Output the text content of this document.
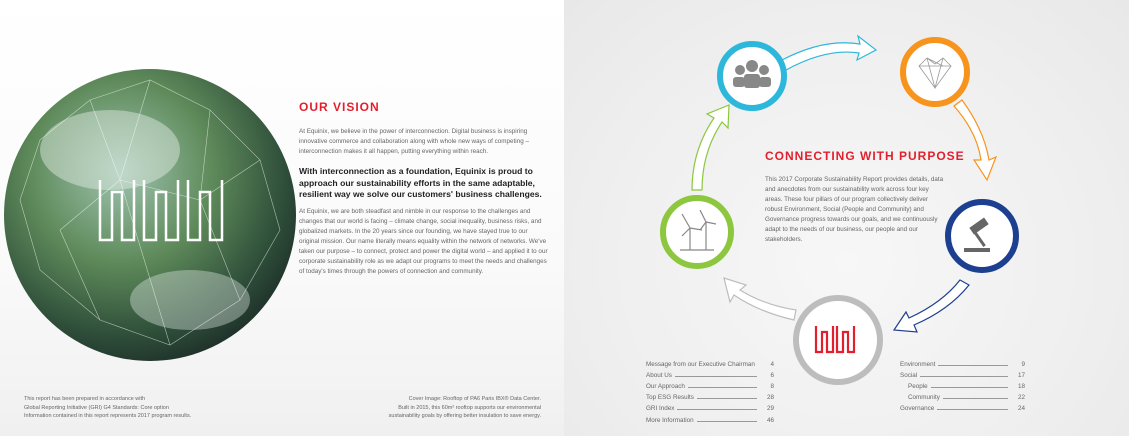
OUR VISION
At Equinix, we believe in the power of interconnection. Digital business is inspiring innovative commerce and collaboration along with whole new ways of competing – interconnection makes it all happen, putting everything within reach.
With interconnection as a foundation, Equinix is proud to approach our sustainability efforts in the same adaptable, resilient way we solve our customers' business challenges.
At Equinix, we are both steadfast and nimble in our response to the challenges and changes that our world is facing – climate change, social inequality, business risks, and globalized markets. In the 20 years since our founding, we have stayed true to our original mission. Our name literally means equality within the network of networks. We've taken our purpose – to connect, protect and power the digital world – and applied it to our corporate sustainability role as we adapt our programs to meet the needs and challenges of today's times through the powers of connection and community.
This report has been prepared in accordance with
Global Reporting Initiative (GRI) G4 Standards: Core option
Information contained in this report represents 2017 program results.
Cover Image: Rooftop of PA6 Paris IBX® Data Center.
Built in 2015, this 60m² rooftop supports our environmental
sustainability goals by offering better insulation to save energy.
CONNECTING WITH PURPOSE
This 2017 Corporate Sustainability Report provides details, data and anecdotes from our sustainability work across four key areas. These four pillars of our program collectively deliver robust Environment, Social (People and Community) and Governance progress towards our goals, and we continuously adapt to the needs of our business, our people and our stakeholders.
Message from our Executive Chairman	4
About Us	6
Our Approach	8
Top ESG Results	28
GRI Index	29
More Information	46
Environment	9
Social	17
People	18
Community	22
Governance	24
